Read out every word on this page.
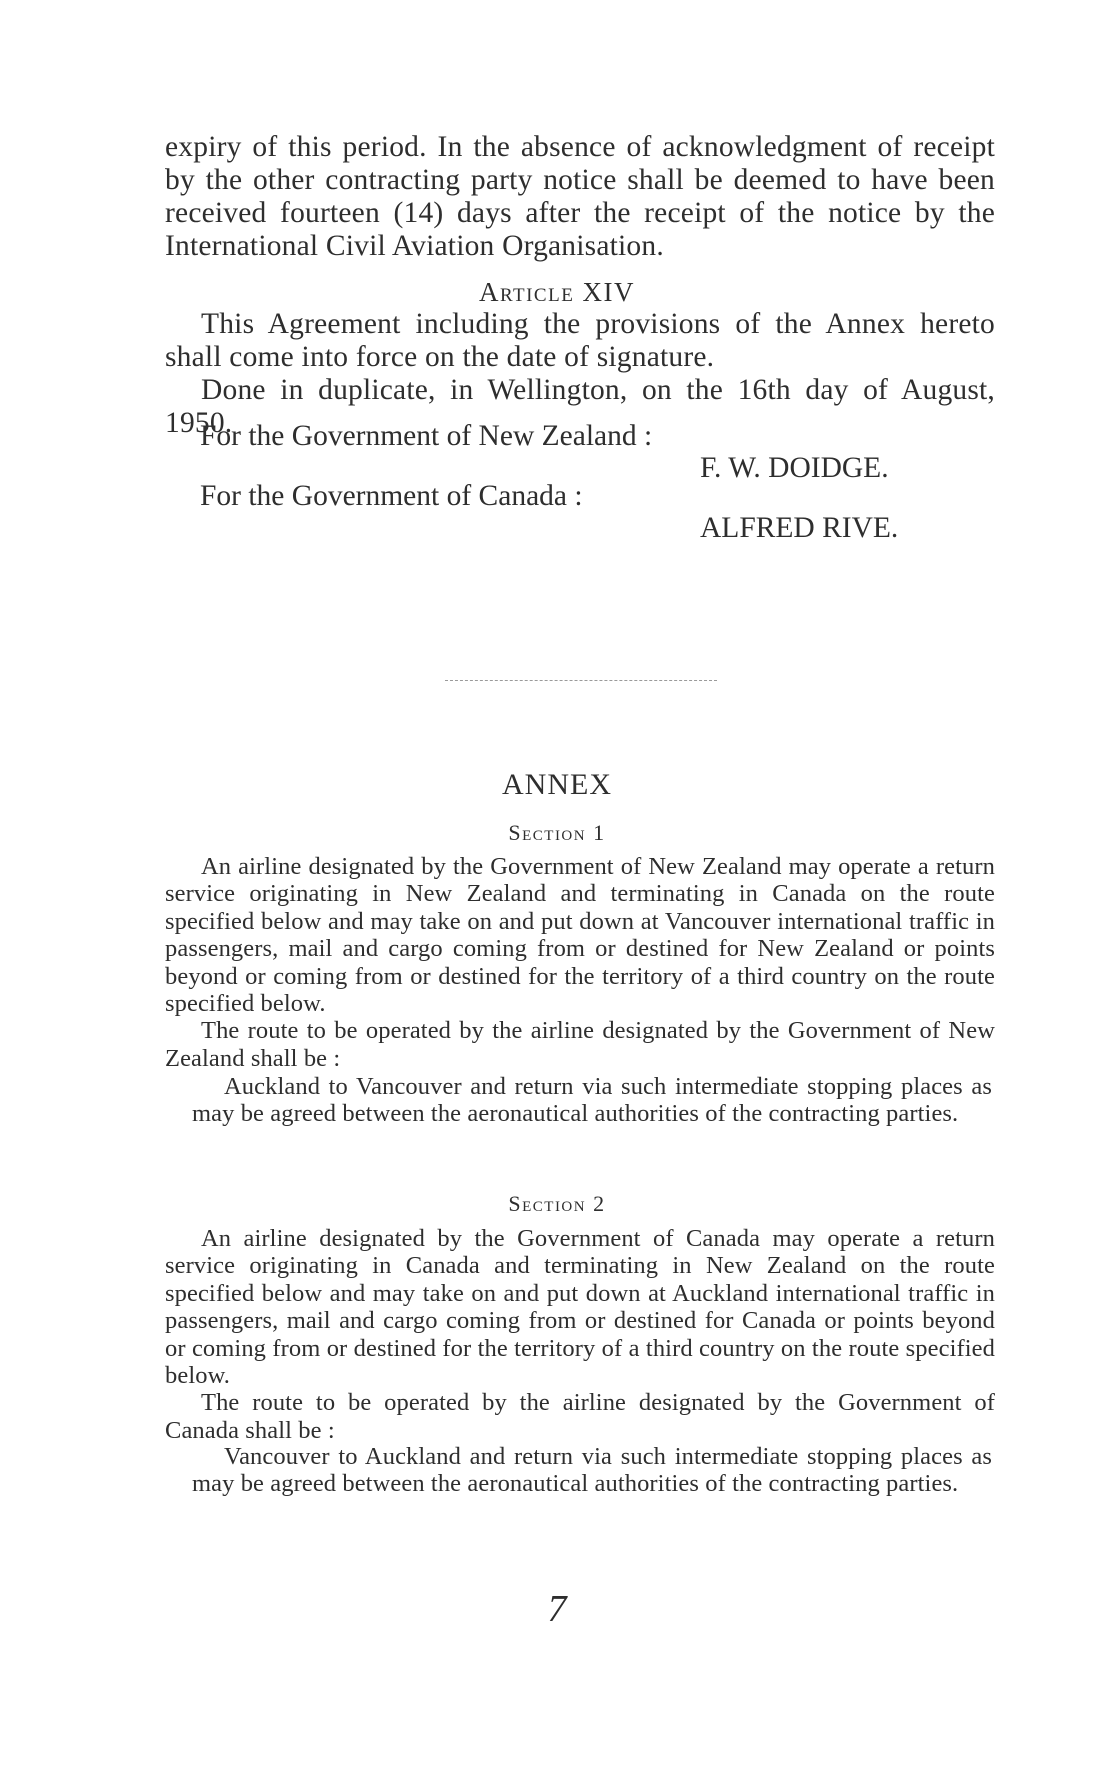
expiry of this period. In the absence of acknowledgment of receipt by the other contracting party notice shall be deemed to have been received fourteen (14) days after the receipt of the notice by the International Civil Aviation Organisation.

Article XIV

This Agreement including the provisions of the Annex hereto shall come into force on the date of signature.

Done in duplicate, in Wellington, on the 16th day of August, 1950.

For the Government of New Zealand :
F. W. DOIDGE.
For the Government of Canada :
ALFRED RIVE.
ANNEX
Section 1

An airline designated by the Government of New Zealand may operate a return service originating in New Zealand and terminating in Canada on the route specified below and may take on and put down at Vancouver international traffic in passengers, mail and cargo coming from or destined for New Zealand or points beyond or coming from or destined for the territory of a third country on the route specified below.

The route to be operated by the airline designated by the Government of New Zealand shall be :

Auckland to Vancouver and return via such intermediate stopping places as may be agreed between the aeronautical authorities of the contracting parties.

Section 2

An airline designated by the Government of Canada may operate a return service originating in Canada and terminating in New Zealand on the route specified below and may take on and put down at Auckland international traffic in passengers, mail and cargo coming from or destined for Canada or points beyond or coming from or destined for the territory of a third country on the route specified below.

The route to be operated by the airline designated by the Government of Canada shall be :

Vancouver to Auckland and return via such intermediate stopping places as may be agreed between the aeronautical authorities of the contracting parties.

7
